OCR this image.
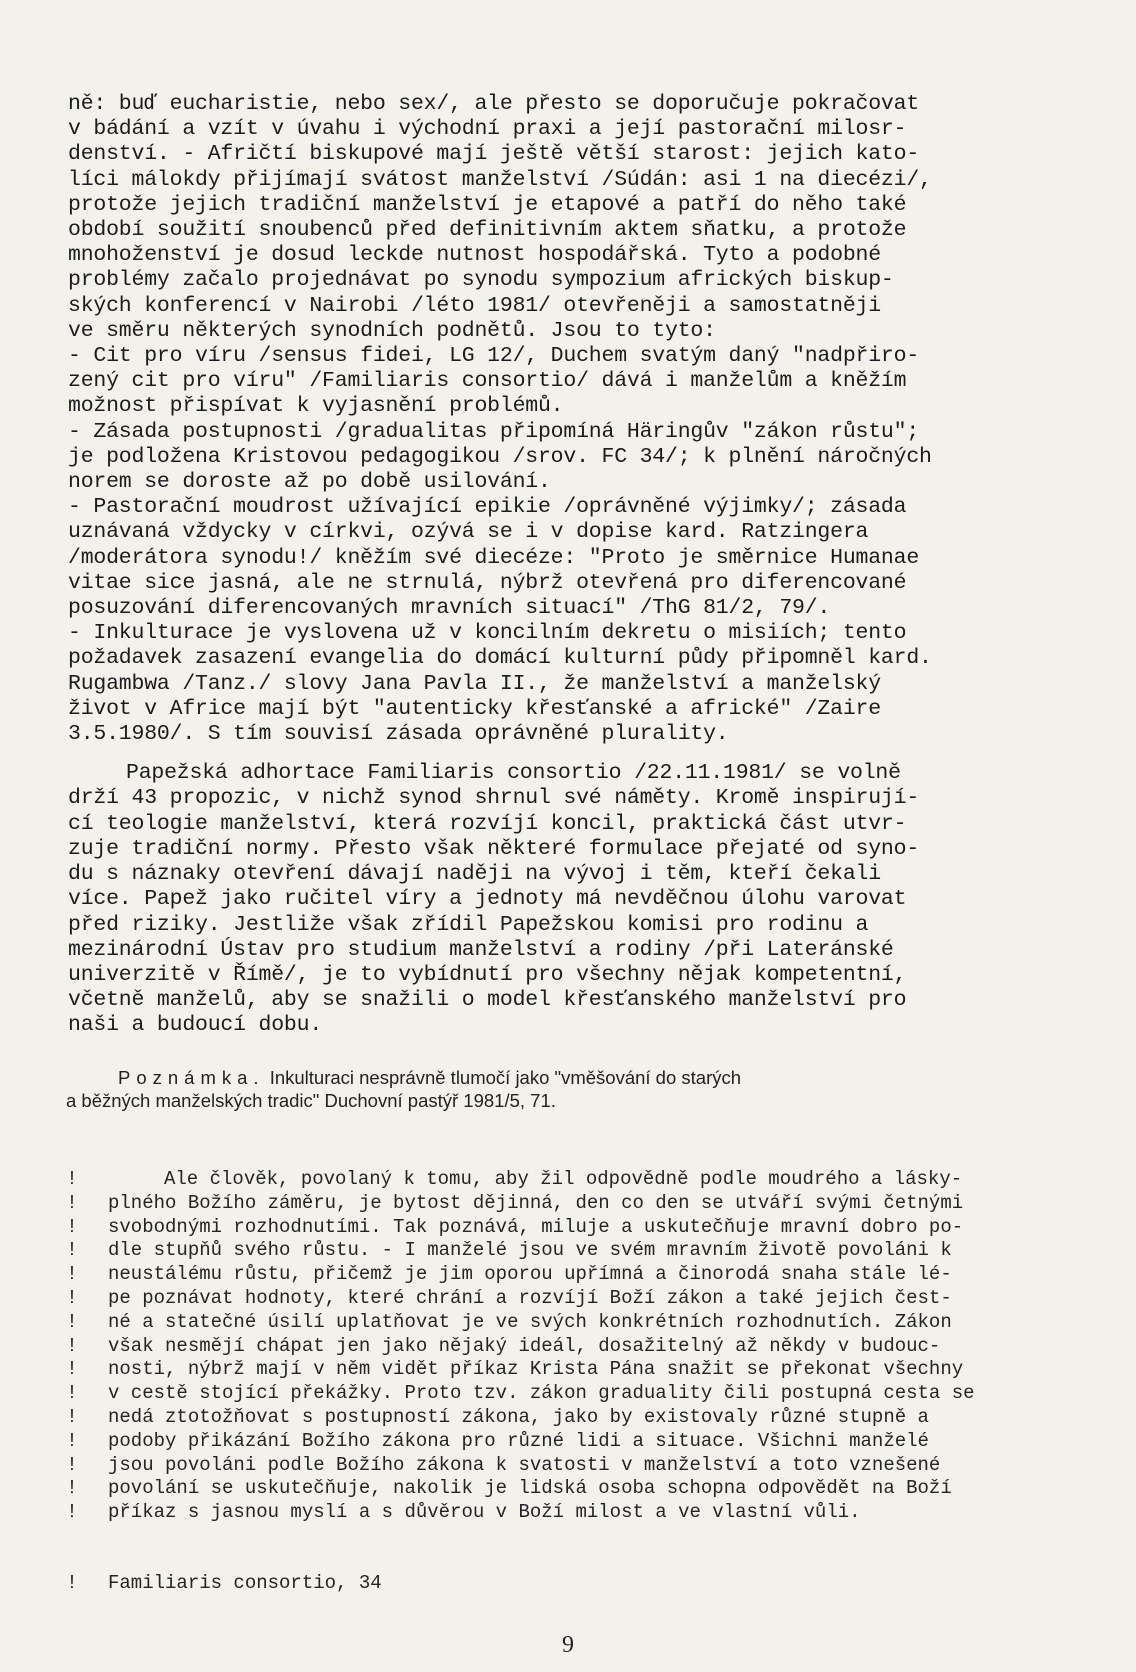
ně: buď eucharistie, nebo sex/, ale přesto se doporučuje pokračovat
v bádání a vzít v úvahu i východní praxi a její pastorační milosr-
denství. - Afričtí biskupové mají ještě větší starost: jejich kato-
líci málokdy přijímají svátost manželství /Súdán: asi 1 na diecézi/,
protože jejich tradiční manželství je etapové a patří do něho také
období soužití snoubenců před definitivním aktem sňatku, a protože
mnohoženství je dosud leckde nutnost hospodářská. Tyto a podobné
problémy začalo projednávat po synodu sympozium afrických biskup-
ských konferencí v Nairobi /léto 1981/ otevřeněji a samostatněji
ve směru některých synodních podnětů. Jsou to tyto:
- Cit pro víru /sensus fidei, LG 12/, Duchem svatým daný "nadpřiro-
zený cit pro víru" /Familiaris consortio/ dává i manželům a kněžím
možnost přispívat k vyjasnění problémů.
- Zásada postupnosti /gradualitas připomíná Häringův "zákon růstu";
je podložena Kristovou pedagogikou /srov. FC 34/; k plnění náročných
norem se doroste až po době usilování.
- Pastorační moudrost užívající epikie /oprávněné výjimky/; zásada
uznávaná vždycky v církvi, ozývá se i v dopise kard. Ratzingera
/moderátora synodu!/ kněžím své diecéze: "Proto je směrnice Humanae
vitae sice jasná, ale ne strnulá, nýbrž otevřená pro diferencované
posuzování diferencovaných mravních situací" /ThG 81/2, 79/.
- Inkulturace je vyslovena už v koncilním dekretu o misiích; tento
požadavek zasazení evangelia do domácí kulturní půdy připomněl kard.
Rugambwa /Tanz./ slovy Jana Pavla II., že manželství a manželský
život v Africe mají být "autenticky křesťanské a africké" /Zaire
3.5.1980/. S tím souvisí zásada oprávněné plurality.

Papežská adhortace Familiaris consortio /22.11.1981/ se volně
drží 43 propozic, v nichž synod shrnul své náměty. Kromě inspirují-
cí teologie manželství, která rozvíjí koncil, praktická část utvr-
zuje tradiční normy. Přesto však některé formulace přejaté od syno-
du s náznaky otevření dávají naději na vývoj i těm, kteří čekali
více. Papež jako ručitel víry a jednoty má nevděčnou úlohu varovat
před riziky. Jestliže však zřídil Papežskou komisi pro rodinu a
mezinárodní Ústav pro studium manželství a rodiny /při Lateránské
univerzitě v Římě/, je to vybídnutí pro všechny nějak kompetentní,
včetně manželů, aby se snažili o model křesťanského manželství pro
naši a budoucí dobu.

Poznámka. Inkulturaci nesprávně tlumočí jako "vměšování do starých
a běžných manželských tradic" Duchovní pastýř 1981/5, 71.
!	Ale člověk, povolaný k tomu, aby žil odpovědně podle moudrého a lásky-
! plného Božího záměru, je bytost dějinná, den co den se utváří svými četnými
! svobodnými rozhodnutími. Tak poznává, miluje a uskutečňuje mravní dobro po-
! dle stupňů svého růstu. - I manželé jsou ve svém mravním životě povoláni k
! neustálému růstu, přičemž je jim oporou upřímná a činorodá snaha stále lé-
! pe poznávat hodnoty, které chrání a rozvíjí Boží zákon a také jejich čest-
! né a statečné úsilí uplatňovat je ve svých konkrétních rozhodnutích. Zákon
! však nesmějí chápat jen jako nějaký ideál, dosažitelný až někdy v budouc-
! nosti, nýbrž mají v něm vidět příkaz Krista Pána snažit se překonat všechny
! v cestě stojící překážky. Proto tzv. zákon graduality čili postupná cesta se
! nedá ztotožňovat s postupností zákona, jako by existovaly různé stupně a
! podoby přikázání Božího zákona pro různé lidi a situace. Všichni manželé
! jsou povoláni podle Božího zákona k svatosti v manželství a toto vznešené
! povolání se uskutečňuje, nakolik je lidská osoba schopna odpovědět na Boží
! příkaz s jasnou myslí a s důvěrou v Boží milost a ve vlastní vůli.
! Familiaris consortio, 34
9
